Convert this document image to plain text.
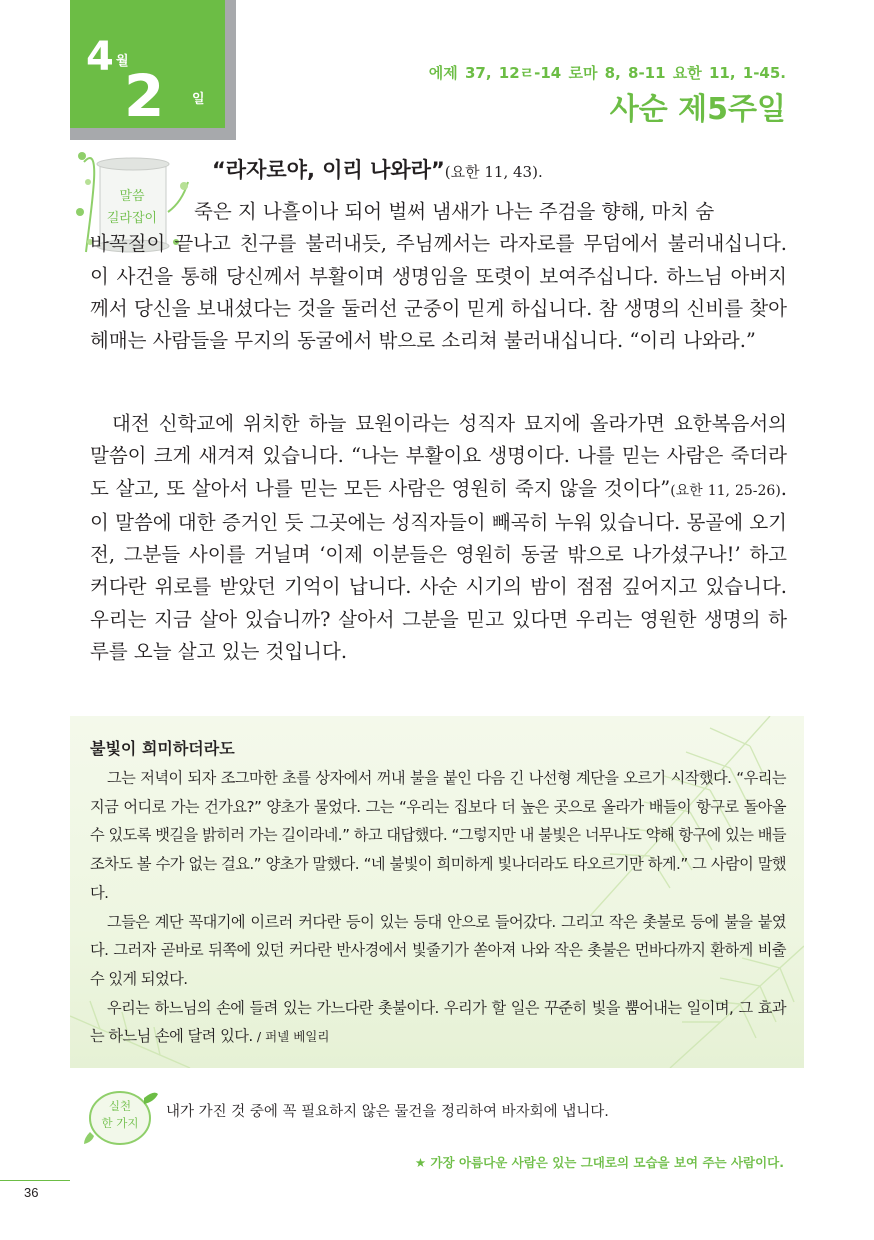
4 월
2 일
에제 37, 12ㄹ-14 로마 8, 8-11 요한 11, 1-45.
사순 제5주일
말씀
길라잡이
“라자로야, 이리 나와라”(요한 11, 43).

죽은 지 나흘이나 되어 벌써 냄새가 나는 주검을 향해, 마치 숨
바꼭질이 끝나고 친구를 불러내듯, 주님께서는 라자로를 무덤에서 불러내십니다. 이 사건을 통해 당신께서 부활이며 생명임을 또렷이 보여주십니다. 하느님 아버지께서 당신을 보내셨다는 것을 둘러선 군중이 믿게 하십니다. 참 생명의 신비를 찾아 헤매는 사람들을 무지의 동굴에서 밖으로 소리쳐 불러내십니다. “이리 나와라.”

대전 신학교에 위치한 하늘 묘원이라는 성직자 묘지에 올라가면 요한복음서의 말씀이 크게 새겨져 있습니다. “나는 부활이요 생명이다. 나를 믿는 사람은 죽더라도 살고, 또 살아서 나를 믿는 모든 사람은 영원히 죽지 않을 것이다”(요한 11, 25-26). 이 말씀에 대한 증거인 듯 그곳에는 성직자들이 빼곡히 누워 있습니다. 몽골에 오기 전, 그분들 사이를 거닐며 ‘이제 이분들은 영원히 동굴 밖으로 나가셨구나!’ 하고 커다란 위로를 받았던 기억이 납니다. 사순 시기의 밤이 점점 깊어지고 있습니다. 우리는 지금 살아 있습니까? 살아서 그분을 믿고 있다면 우리는 영원한 생명의 하루를 오늘 살고 있는 것입니다.

불빛이 희미하더라도

그는 저녁이 되자 조그마한 초를 상자에서 꺼내 불을 붙인 다음 긴 나선형 계단을 오르기 시작했다. “우리는 지금 어디로 가는 건가요?” 양초가 물었다. 그는 “우리는 집보다 더 높은 곳으로 올라가 배들이 항구로 돌아올 수 있도록 뱃길을 밝히러 가는 길이라네.” 하고 대답했다. “그렇지만 내 불빛은 너무나도 약해 항구에 있는 배들조차도 볼 수가 없는 걸요.” 양초가 말했다. “네 불빛이 희미하게 빛나더라도 타오르기만 하게.” 그 사람이 말했다.

그들은 계단 꼭대기에 이르러 커다란 등이 있는 등대 안으로 들어갔다. 그리고 작은 촛불로 등에 불을 붙였다. 그러자 곧바로 뒤쪽에 있던 커다란 반사경에서 빛줄기가 쏟아져 나와 작은 촛불은 먼바다까지 환하게 비출 수 있게 되었다.

우리는 하느님의 손에 들려 있는 가느다란 촛불이다. 우리가 할 일은 꾸준히 빛을 뿜어내는 일이며, 그 효과는 하느님 손에 달려 있다. / 퍼넬 베일리

실천
한 가지
내가 가진 것 중에 꼭 필요하지 않은 물건을 정리하여 바자회에 냅니다.
★ 가장 아름다운 사람은 있는 그대로의 모습을 보여 주는 사람이다.
36
